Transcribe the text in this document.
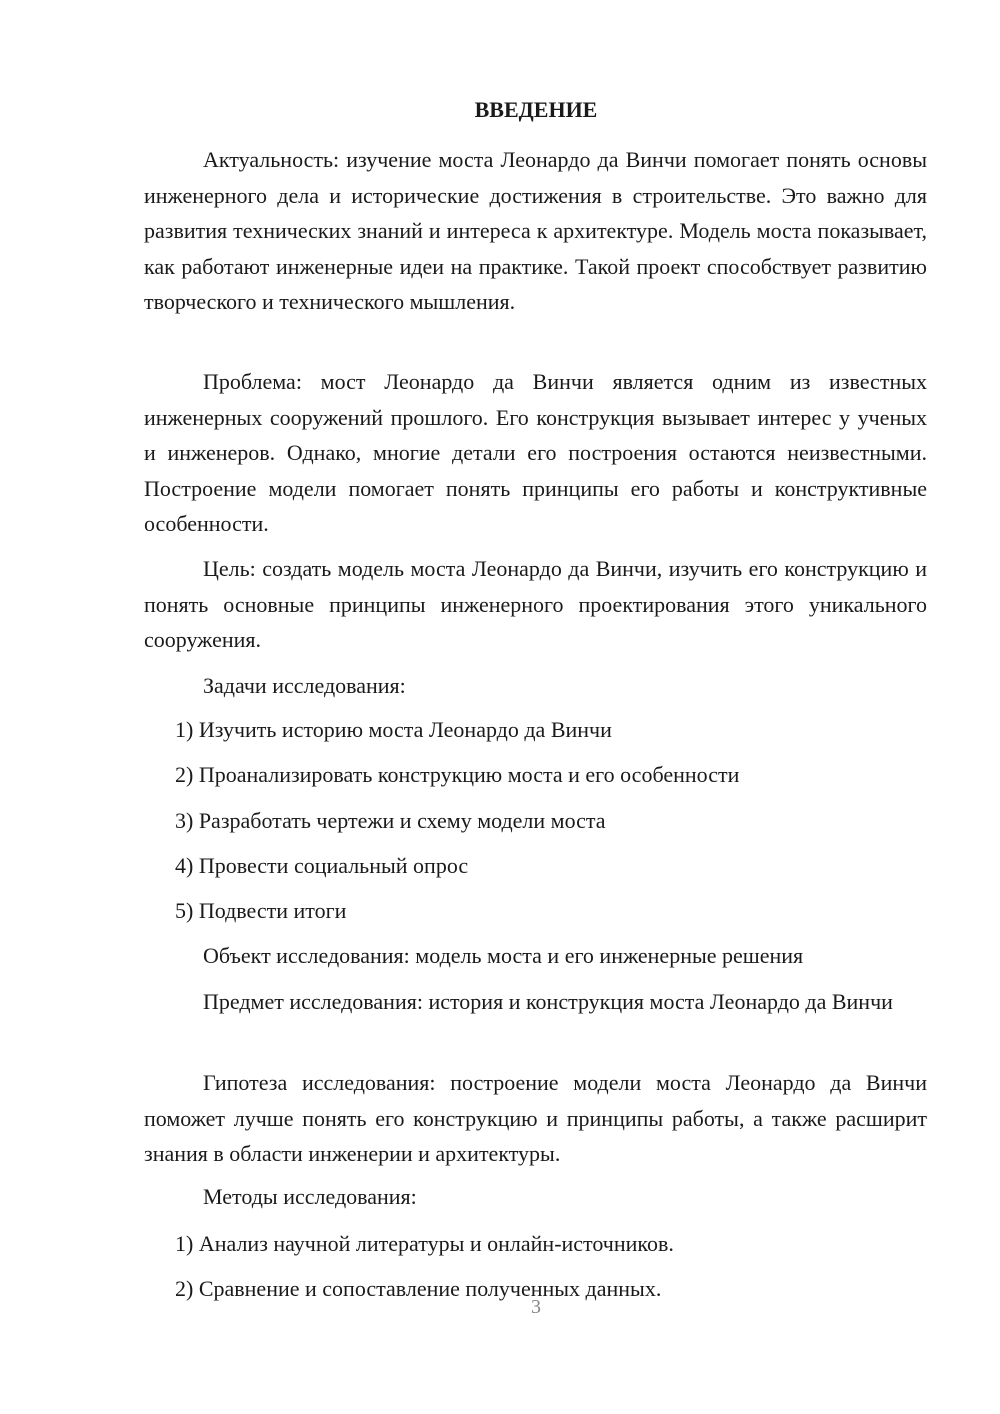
ВВЕДЕНИЕ

Актуальность: изучение моста Леонардо да Винчи помогает понять основы инженерного дела и исторические достижения в строительстве. Это важно для развития технических знаний и интереса к архитектуре. Модель моста показывает, как работают инженерные идеи на практике. Такой проект способствует развитию творческого и технического мышления.

Проблема: мост Леонардо да Винчи является одним из известных инженерных сооружений прошлого. Его конструкция вызывает интерес у ученых и инженеров. Однако, многие детали его построения остаются неизвестными. Построение модели помогает понять принципы его работы и конструктивные особенности.

Цель: создать модель моста Леонардо да Винчи, изучить его конструкцию и понять основные принципы инженерного проектирования этого уникального сооружения.

Задачи исследования:

1) Изучить историю моста Леонардо да Винчи

2) Проанализировать конструкцию моста и его особенности

3) Разработать чертежи и схему модели моста

4) Провести социальный опрос

5) Подвести итоги

Объект исследования: модель моста и его инженерные решения

Предмет исследования: история и конструкция моста Леонардо да Винчи

Гипотеза исследования: построение модели моста Леонардо да Винчи поможет лучше понять его конструкцию и принципы работы, а также расширит знания в области инженерии и архитектуры.

Методы исследования:

1) Анализ научной литературы и онлайн-источников.

2) Сравнение и сопоставление полученных данных.

3
